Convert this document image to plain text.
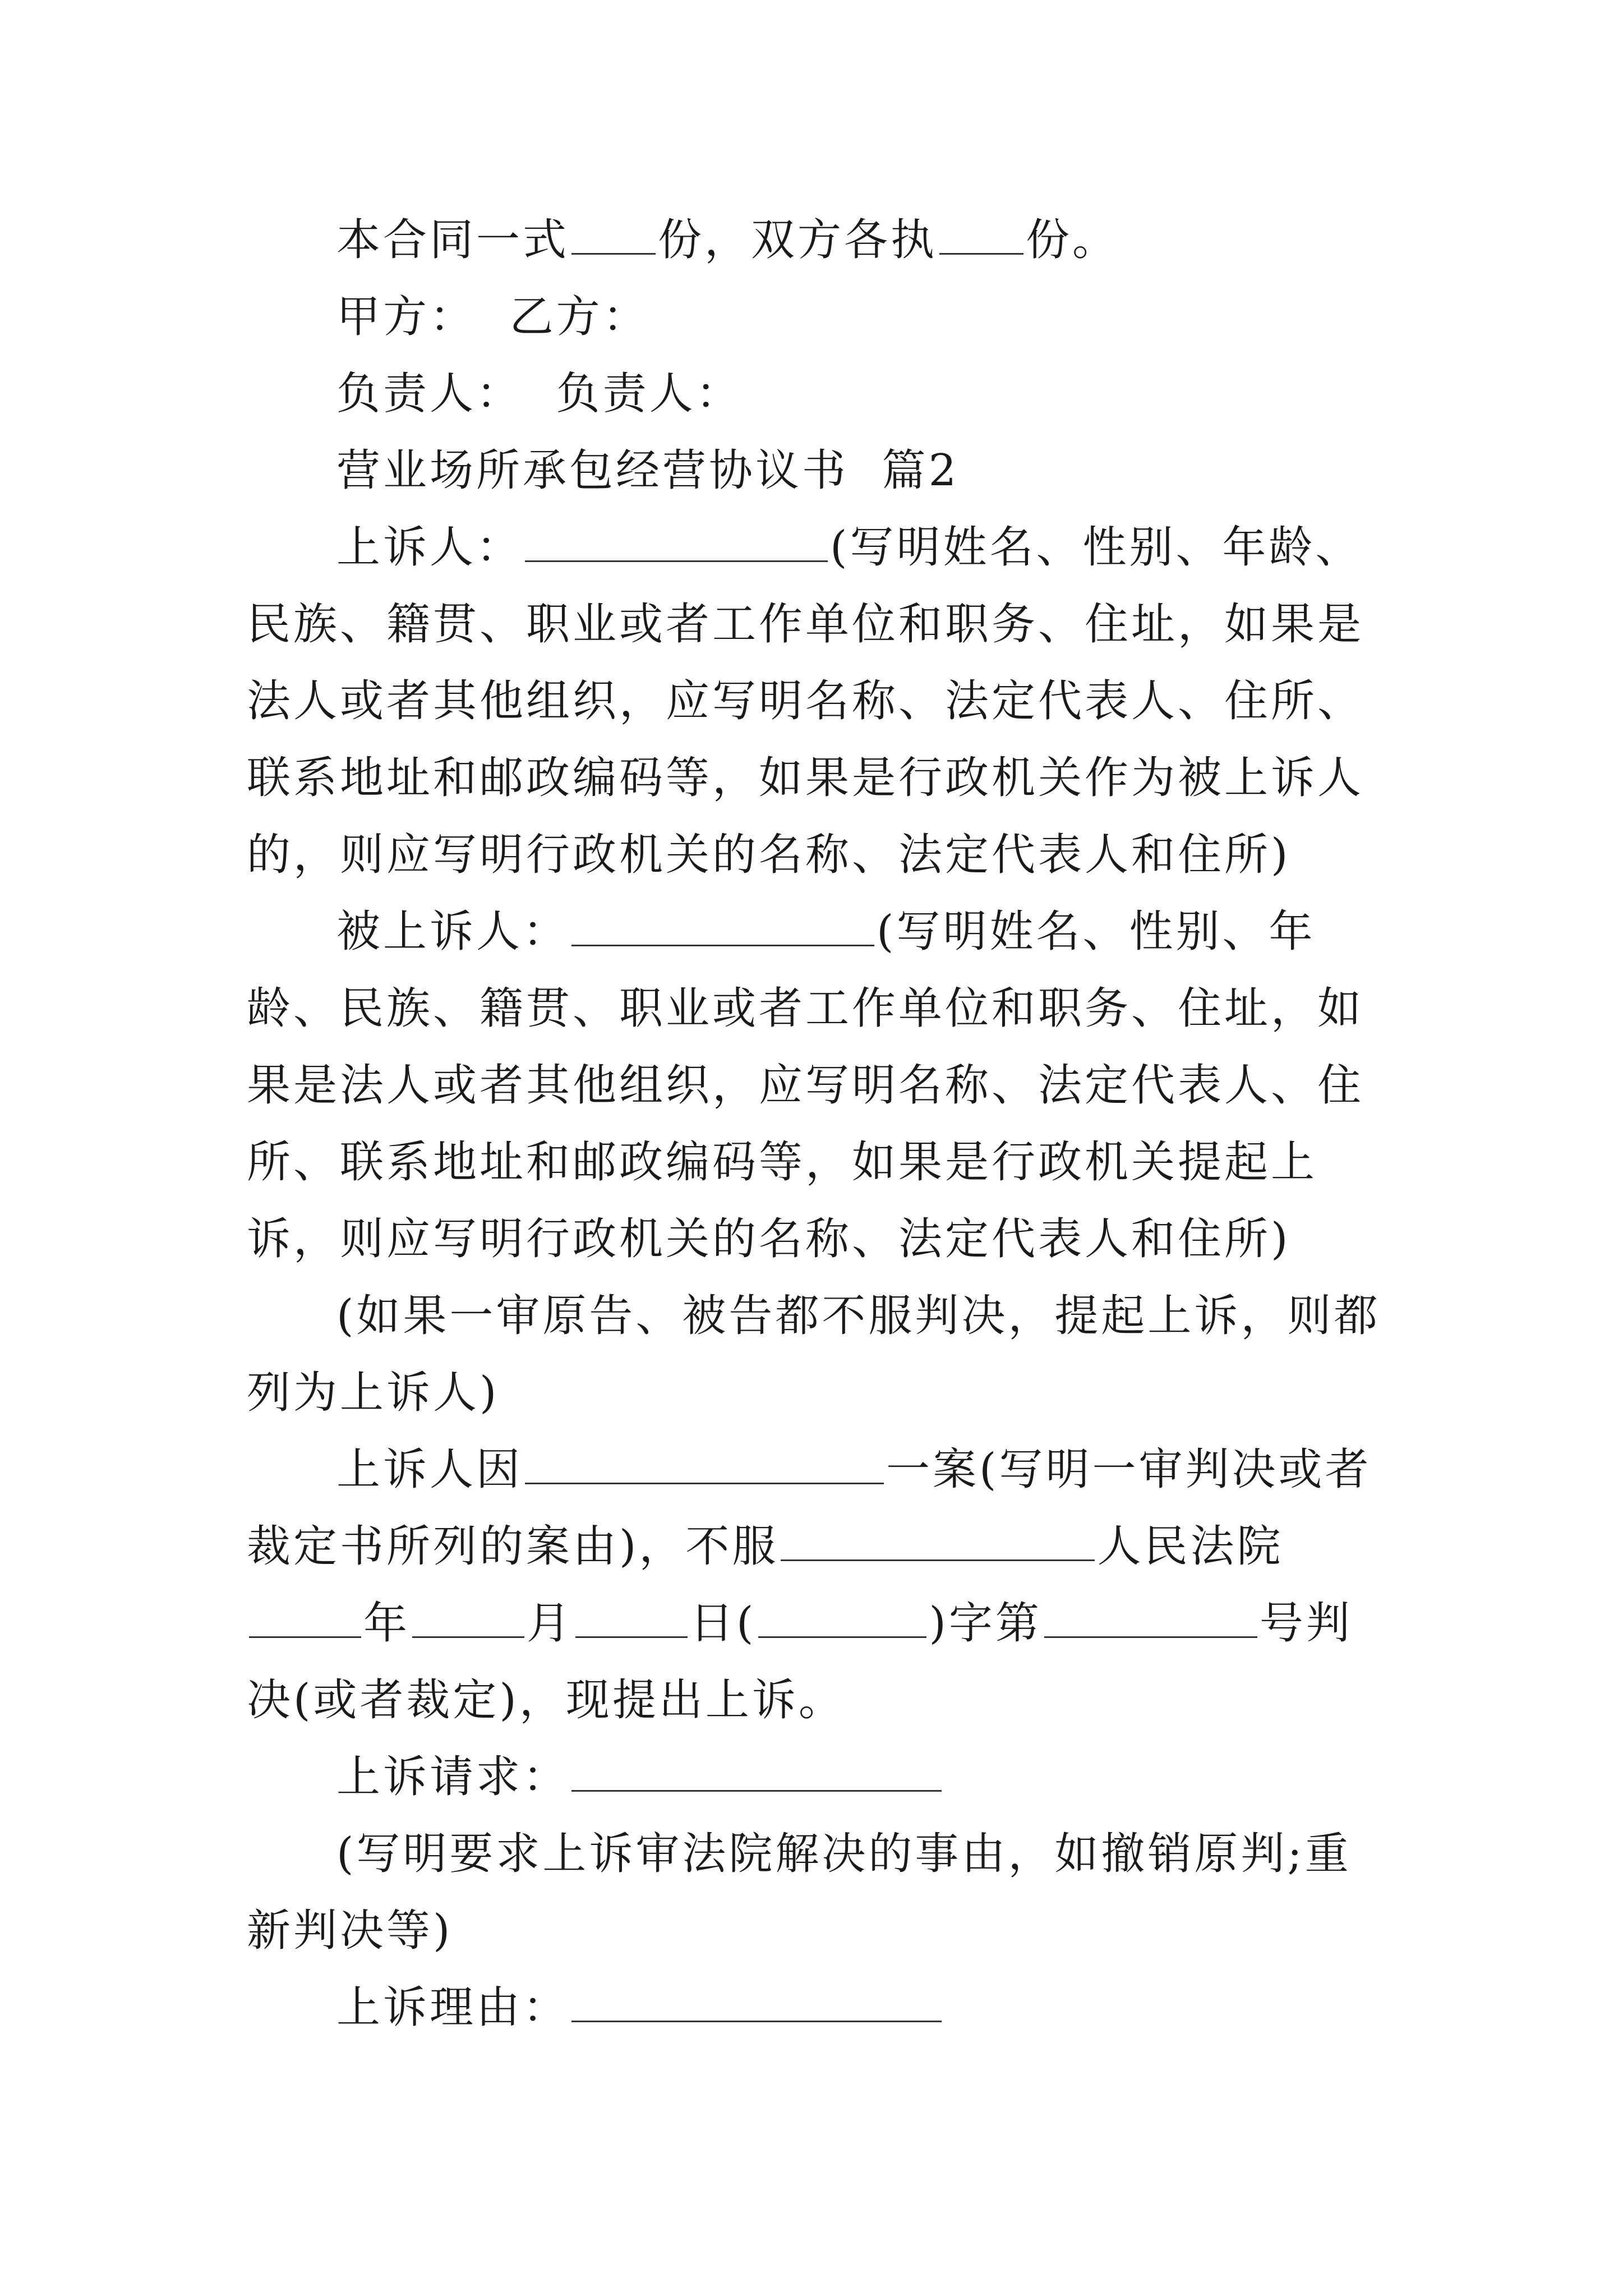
本合同一式 份，双方各执 份。

甲方：  乙方：

负责人：  负责人：

营业场所承包经营协议书  篇2

上诉人：	(写明姓名、性别、年龄、民族、籍贯、职业或者工作单位和职务、住址，如果是法人或者其他组织，应写明名称、法定代表人、住所、联系地址和邮政编码等，如果是行政机关作为被上诉人的，则应写明行政机关的名称、法定代表人和住所)

被上诉人：	(写明姓名、性别、年龄、民族、籍贯、职业或者工作单位和职务、住址，如果是法人或者其他组织，应写明名称、法定代表人、住所、联系地址和邮政编码等，如果是行政机关提起上诉，则应写明行政机关的名称、法定代表人和住所)

(如果一审原告、被告都不服判决，提起上诉，则都列为上诉人)

上诉人因	一案(写明一审判决或者裁定书所列的案由)，不服	人民法院年	月	日(	)字第	号判决(或者裁定)，现提出上诉。

上诉请求：

(写明要求上诉审法院解决的事由，如撤销原判;重新判决等)

上诉理由：
